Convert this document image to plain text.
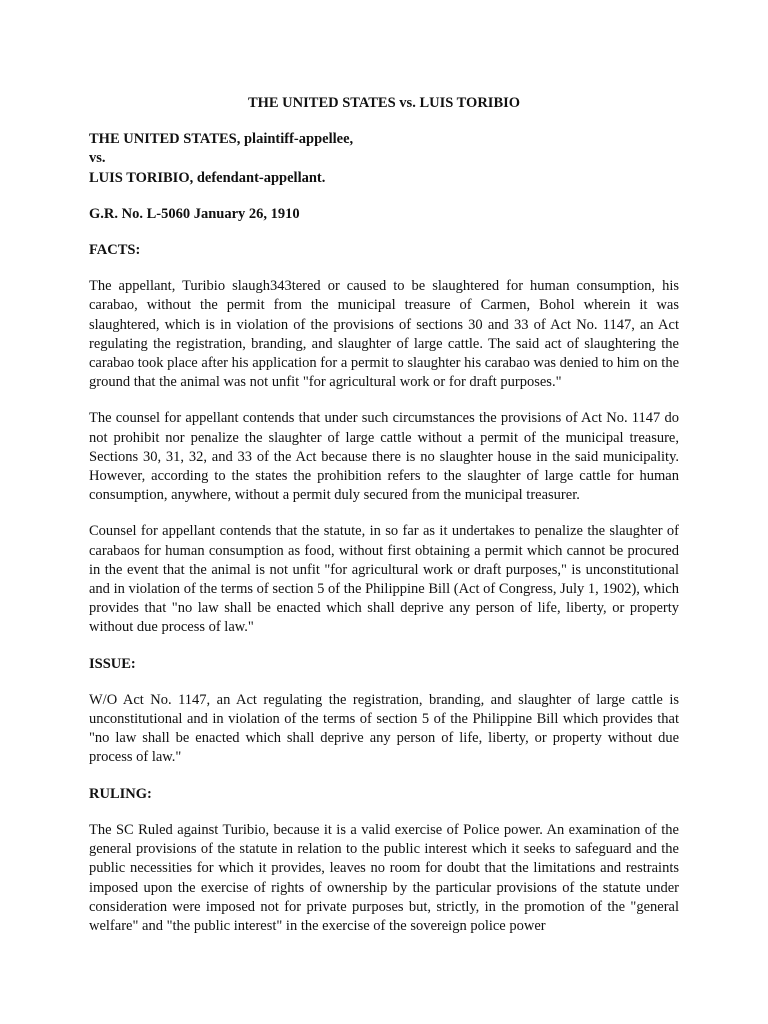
THE UNITED STATES vs. LUIS TORIBIO
THE UNITED STATES, plaintiff-appellee,
vs.
LUIS TORIBIO, defendant-appellant.
G.R. No. L-5060 January 26, 1910
FACTS:

The appellant, Turibio slaugh343tered or caused to be slaughtered for human consumption, his carabao, without the permit from the municipal treasure of Carmen, Bohol wherein it was slaughtered, which is in violation of the provisions of sections 30 and 33 of Act No. 1147, an Act regulating the registration, branding, and slaughter of large cattle. The said act of slaughtering the carabao took place after his application for a permit to slaughter his carabao was denied to him on the ground that the animal was not unfit "for agricultural work or for draft purposes."

The counsel for appellant contends that under such circumstances the provisions of Act No. 1147 do not prohibit nor penalize the slaughter of large cattle without a permit of the municipal treasure, Sections 30, 31, 32, and 33 of the Act because there is no slaughter house in the said municipality. However, according to the states the prohibition refers to the slaughter of large cattle for human consumption, anywhere, without a permit duly secured from the municipal treasurer.

Counsel for appellant contends that the statute, in so far as it undertakes to penalize the slaughter of carabaos for human consumption as food, without first obtaining a permit which cannot be procured in the event that the animal is not unfit "for agricultural work or draft purposes," is unconstitutional and in violation of the terms of section 5 of the Philippine Bill (Act of Congress, July 1, 1902), which provides that "no law shall be enacted which shall deprive any person of life, liberty, or property without due process of law."

ISSUE:

W/O Act No. 1147, an Act regulating the registration, branding, and slaughter of large cattle is unconstitutional and in violation of the terms of section 5 of the Philippine Bill which provides that "no law shall be enacted which shall deprive any person of life, liberty, or property without due process of law."

RULING:

The SC Ruled against Turibio, because it is a valid exercise of Police power. An examination of the general provisions of the statute in relation to the public interest which it seeks to safeguard and the public necessities for which it provides, leaves no room for doubt that the limitations and restraints imposed upon the exercise of rights of ownership by the particular provisions of the statute under consideration were imposed not for private purposes but, strictly, in the promotion of the "general welfare" and "the public interest" in the exercise of the sovereign police power
